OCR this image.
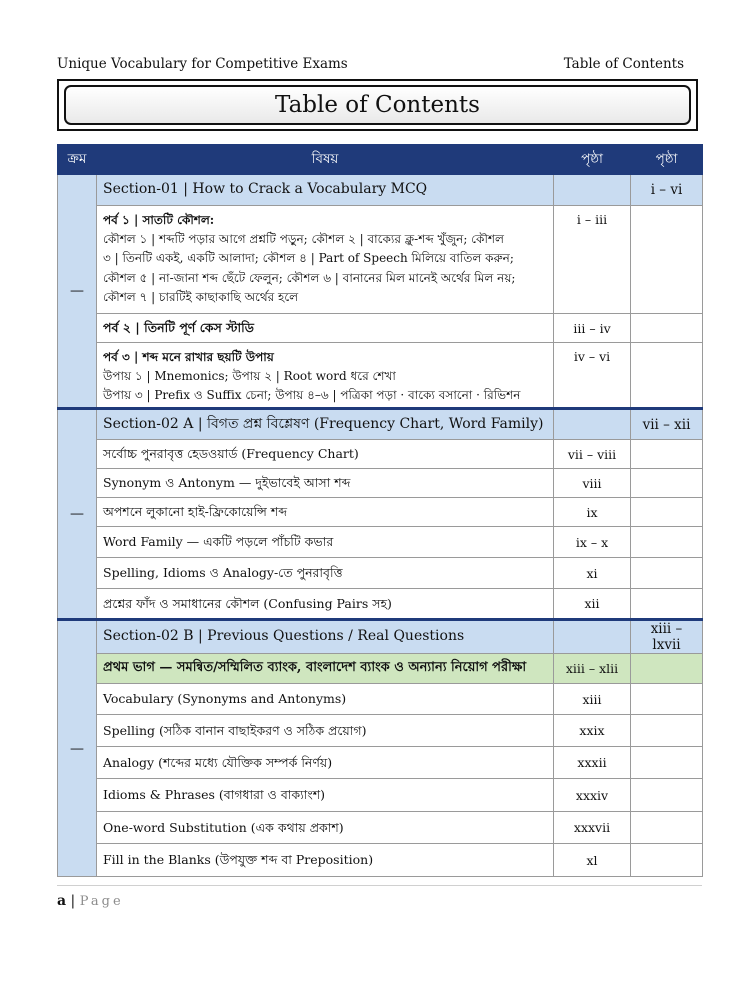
Unique Vocabulary for Competitive Exams	Table of Contents
Table of Contents
ক্রম	বিষয়	পৃষ্ঠা	পৃষ্ঠা
—	Section-01 | How to Crack a Vocabulary MCQ		i – vi

	পর্ব ১ | সাতটি কৌশল:
কৌশল ১ | শব্দটি পড়ার আগে প্রশ্নটি পড়ুন; কৌশল ২ | বাক্যের ক্লু-শব্দ খুঁজুন; কৌশল
৩ | তিনটি একই, একটি আলাদা; কৌশল ৪ | Part of Speech মিলিয়ে বাতিল করুন;
কৌশল ৫ | না-জানা শব্দ ছেঁটে ফেলুন; কৌশল ৬ | বানানের মিল মানেই অর্থের মিল নয়;
কৌশল ৭ | চারটিই কাছাকাছি অর্থের হলে	i – iii	
	পর্ব ২ | তিনটি পূর্ণ কেস স্টাডি	iii – iv	

	পর্ব ৩ | শব্দ মনে রাখার ছয়টি উপায়
উপায় ১ | Mnemonics; উপায় ২ | Root word ধরে শেখা
উপায় ৩ | Prefix ও Suffix চেনা; উপায় ৪–৬ | পত্রিকা পড়া · বাক্যে বসানো · রিভিশন	iv – vi	
—	Section-02 A | বিগত প্রশ্ন বিশ্লেষণ (Frequency Chart, Word Family)		vii – xii
	সর্বোচ্চ পুনরাবৃত্ত হেডওয়ার্ড (Frequency Chart)	vii – viii	
	Synonym ও Antonym — দুইভাবেই আসা শব্দ	viii	
	অপশনে লুকানো হাই-ফ্রিকোয়েন্সি শব্দ	ix	
	Word Family — একটি পড়লে পাঁচটি কভার	ix – x	
	Spelling, Idioms ও Analogy-তে পুনরাবৃত্তি	xi	
	প্রশ্নের ফাঁদ ও সমাধানের কৌশল (Confusing Pairs সহ)	xii	
—	Section-02 B | Previous Questions / Real Questions		xiii – lxvii
	প্রথম ভাগ — সমন্বিত/সম্মিলিত ব্যাংক, বাংলাদেশ ব্যাংক ও অন্যান্য নিয়োগ পরীক্ষা	xiii – xlii	
	Vocabulary (Synonyms and Antonyms)	xiii	
	Spelling (সঠিক বানান বাছাইকরণ ও সঠিক প্রয়োগ)	xxix	
	Analogy (শব্দের মধ্যে যৌক্তিক সম্পর্ক নির্ণয়)	xxxii	
	Idioms & Phrases (বাগধারা ও বাক্যাংশ)	xxxiv	
	One-word Substitution (এক কথায় প্রকাশ)	xxxvii	
	Fill in the Blanks (উপযুক্ত শব্দ বা Preposition)	xl	
a | Page
